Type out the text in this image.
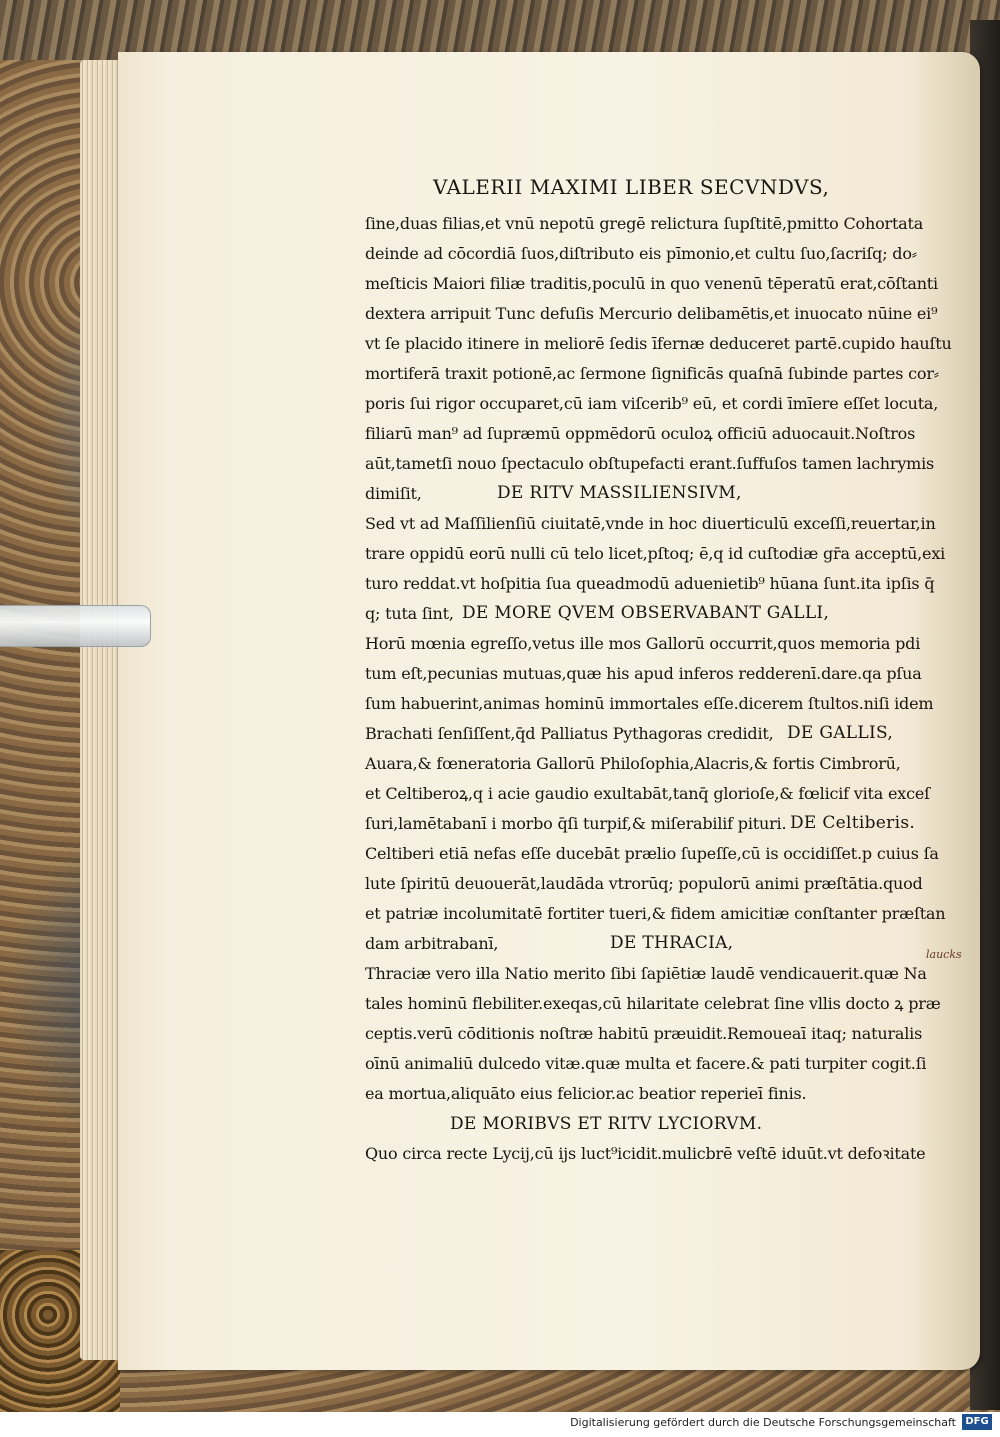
VALERII MAXIMI LIBER SECVNDVS,
ſine,duas filias,et vnū nepotū gregē relictura ſupſtitē,pmitto Cohortata
deinde ad cōcordiā ſuos,diſtributo eis pīmonio,et cultu ſuo,ſacriſq; do⸗
meſticis Maiori filiæ traditis,poculū in quo venenū tēperatū erat,cōſtanti
dextera arripuit Tunc defuſis Mercurio delibamētis,et inuocato nūine ei⁹
vt ſe placido itinere in meliorē ſedis īfernæ deduceret partē.cupido hauſtu
mortiferā traxit potionē,ac ſermone ſignificās quaſnā ſubinde partes cor⸗
poris ſui rigor occuparet,cū iam viſcerib⁹ eū, et cordi īmīere eſſet locuta,
filiarū man⁹ ad ſupræmū oppmēdorū oculoꝝ officiū aduocauit.Noſtros
aūt,tametſi nouo ſpectaculo obſtupefacti erant.ſuffuſos tamen lachrymis
dimiſit,	DE RITV MASSILIENSIVM,
Sed vt ad Maſſilienſiū ciuitatē,vnde in hoc diuerticulū exceſſi,reuertar,in
trare oppidū eorū nulli cū telo licet,pſtoq; ē,q id cuſtodiæ gr̄a acceptū,exi
turo reddat.vt hoſpitia ſua queadmodū aduenietib⁹ hūana ſunt.ita ipſis q̄
q; tuta ſint, DE MORE QVEM OBSERVABANT GALLI,
Horū mœnia egreſſo,vetus ille mos Gallorū occurrit,quos memoria pdi
tum eſt,pecunias mutuas,quæ his apud inferos redderenī.dare.qa pſua
ſum habuerint,animas hominū immortales eſſe.dicerem ſtultos.niſi idem
Brachati ſenſiſſent,q̄d Palliatus Pythagoras credidit, DE GALLIS,
Auara,& fœneratoria Gallorū Philoſophia,Alacris,& fortis Cimbrorū,
et Celtiberoꝝ,q i acie gaudio exultabāt,tanq̄ glorioſe,& fœlicif vita exceſ
ſuri,lamētabanī i morbo q̄ſi turpif,& miſerabilif pituri. DE Celtiberis.
Celtiberi etiā nefas eſſe ducebāt prælio ſupeſſe,cū is occidiſſet.p cuius ſa
lute ſpiritū deuouerāt,laudāda vtrorūq; populorū animi præſtātia.quod
et patriæ incolumitatē fortiter tueri,& fidem amicitiæ conſtanter præſtan
dam arbitrabanī,	DE THRACIA,
Thraciæ vero illa Natio merito ſibi ſapiētiæ laudē vendicauerit.quæ Na
tales hominū flebiliter.exeqas,cū hilaritate celebrat ſine vllis docto ꝝ præ
ceptis.verū cōditionis noſtræ habitū præuidit.Remoueaī itaq; naturalis
oīnū animaliū dulcedo vitæ.quæ multa et facere.& pati turpiter cogit.ſi
ea mortua,aliquāto eius felicior.ac beatior reperieī finis.
DE MORIBVS ET RITV LYCIORVM.
Quo circa recte Lycij,cū ijs luct⁹icidit.mulicbrē veſtē iduūt.vt defoꝛitate
laucks
Digitalisierung gefördert durch die Deutsche Forschungsgemeinschaft DFG
